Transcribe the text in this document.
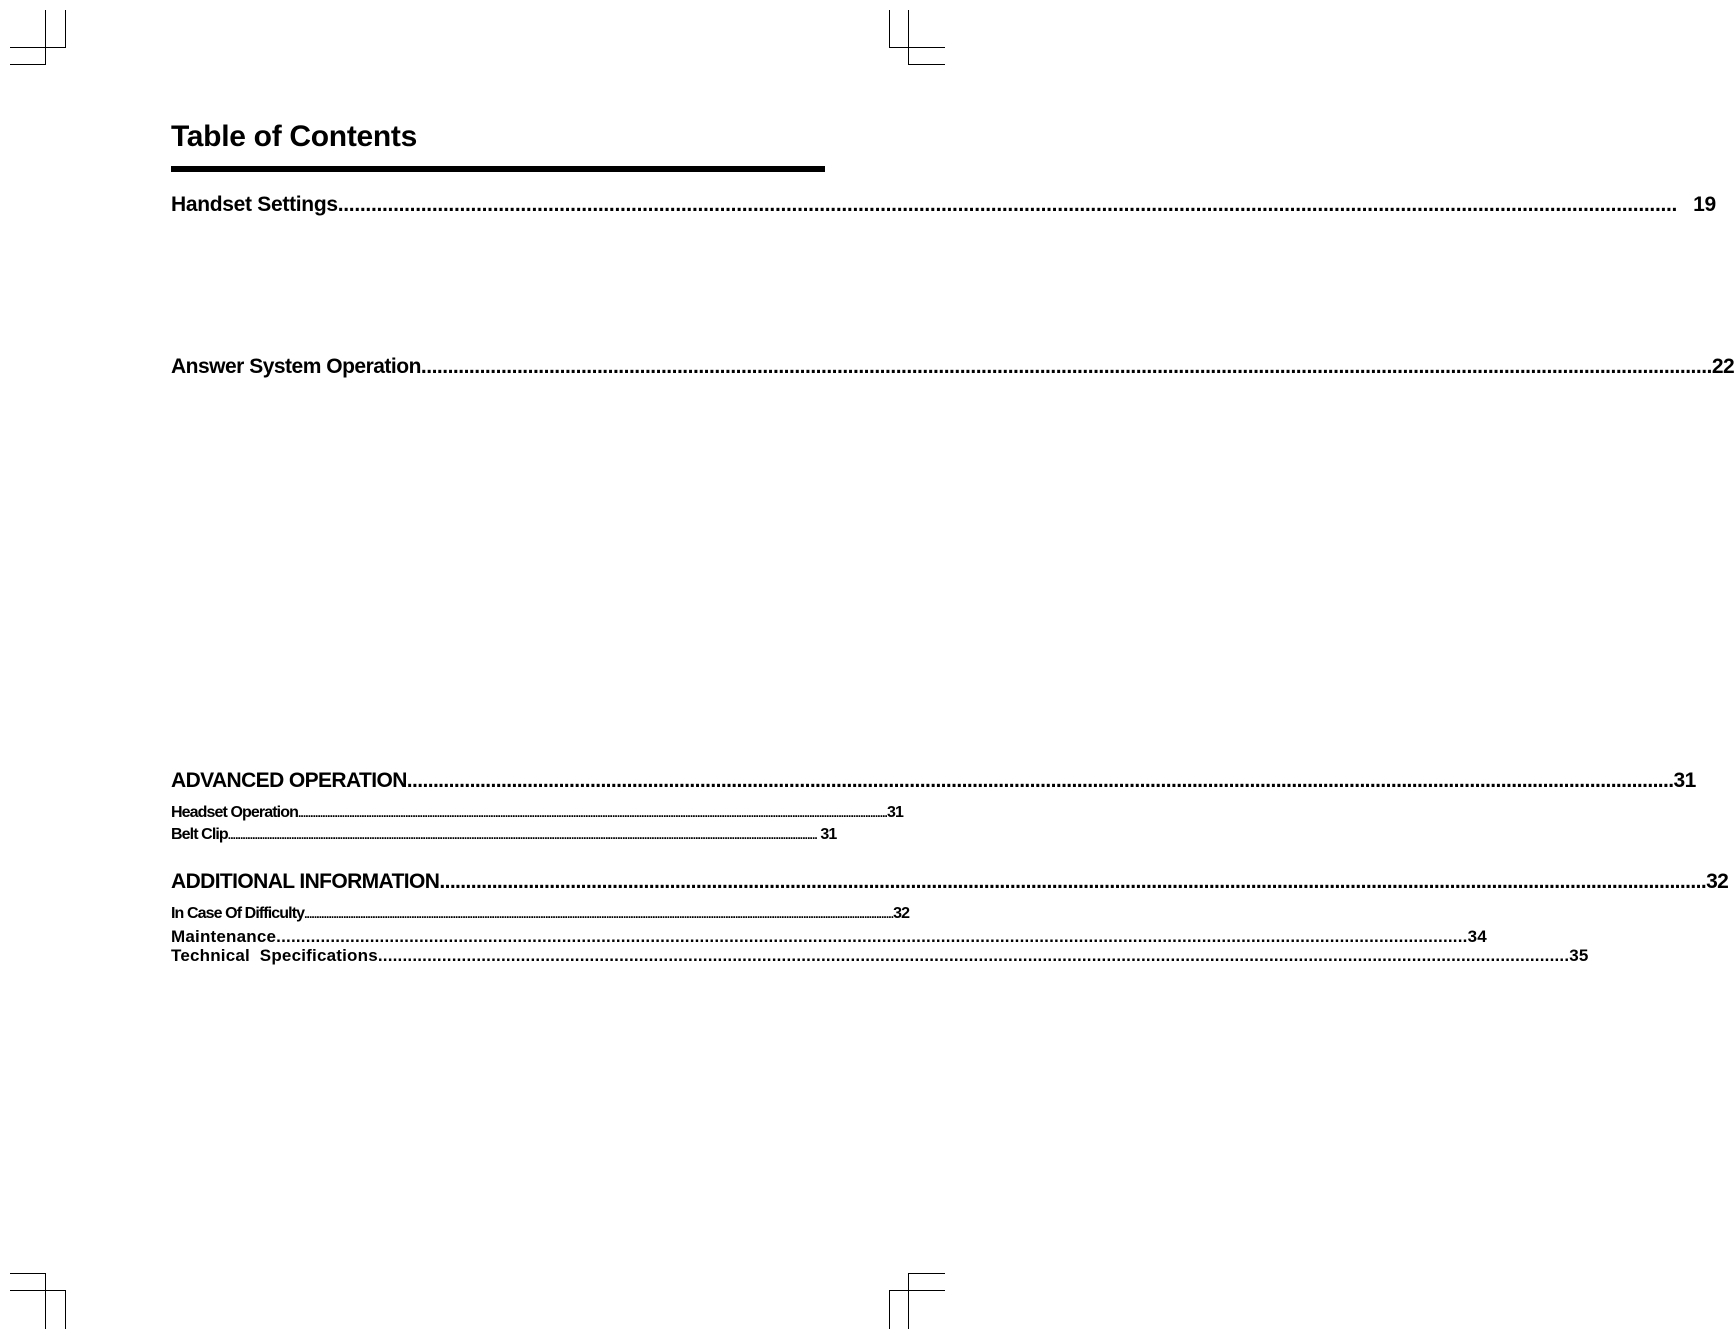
Table of Contents
Handset Settings .................................................................................................................................................................................................................................................. 19
Answer System Operation .................................................................................................................................................................................................................................................. 22
ADVANCED OPERATION .................................................................................................................................................................................................................................................. 31
Headset Operation .................................................................................................................................................................................................................................................. 31
Belt Clip .................................................................................................................................................................................................................................................. 31
ADDITIONAL INFORMATION .................................................................................................................................................................................................................................................. 32
In Case Of Difficulty .................................................................................................................................................................................................................................................. 32
Maintenance .................................................................................................................................................................................................................................................. 34
Technical  Specifications .................................................................................................................................................................................................................................................. 35
